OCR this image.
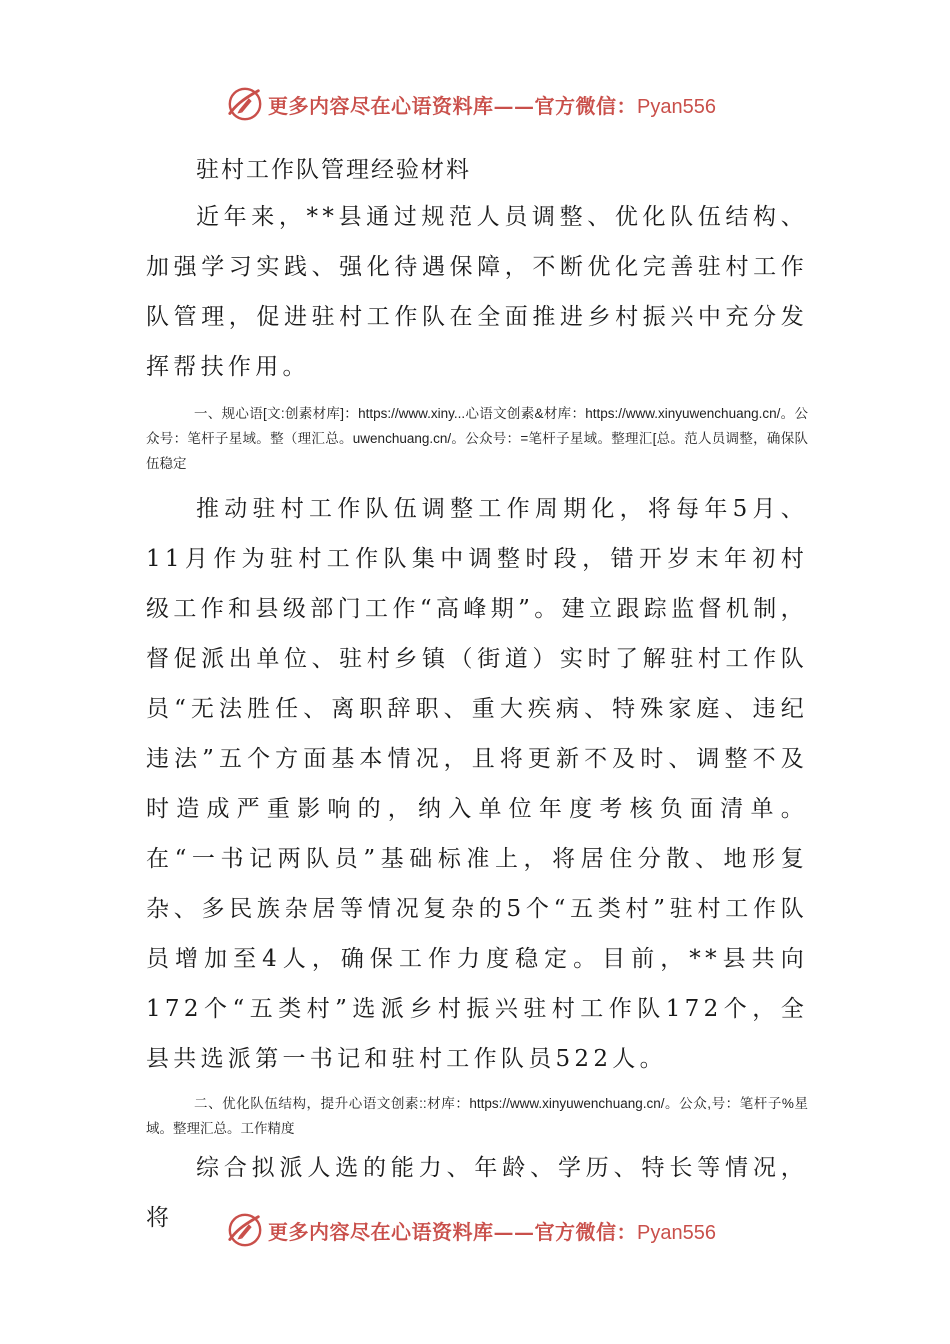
更多内容尽在心语资料库——官方微信：Pyan556
驻村工作队管理经验材料

近年来，**县通过规范人员调整、优化队伍结构、加强学习实践、强化待遇保障，不断优化完善驻村工作队管理，促进驻村工作队在全面推进乡村振兴中充分发挥帮扶作用。

一、规心语[文:创素材库]：https://www.xiny...心语文创素&材库：https://www.xinyuwenchuang.cn/。公众号：笔杆子星域。整（理汇总。uwenchuang.cn/。公众号：=笔杆子星域。整理汇[总。范人员调整，确保队伍稳定

推动驻村工作队伍调整工作周期化，将每年5月、11月作为驻村工作队集中调整时段，错开岁末年初村级工作和县级部门工作“高峰期”。建立跟踪监督机制，督促派出单位、驻村乡镇（街道）实时了解驻村工作队员“无法胜任、离职辞职、重大疾病、特殊家庭、违纪违法”五个方面基本情况，且将更新不及时、调整不及时造成严重影响的，纳入单位年度考核负面清单。在“一书记两队员”基础标准上，将居住分散、地形复杂、多民族杂居等情况复杂的5个“五类村”驻村工作队员增加至4人，确保工作力度稳定。目前，**县共向172个“五类村”选派乡村振兴驻村工作队172个，全县共选派第一书记和驻村工作队员522人。

二、优化队伍结构，提升心语文创素::材库：https://www.xinyuwenchuang.cn/。公众,号：笔杆子%星域。整理汇总。工作精度

综合拟派人选的能力、年龄、学历、特长等情况，将

更多内容尽在心语资料库——官方微信：Pyan556
